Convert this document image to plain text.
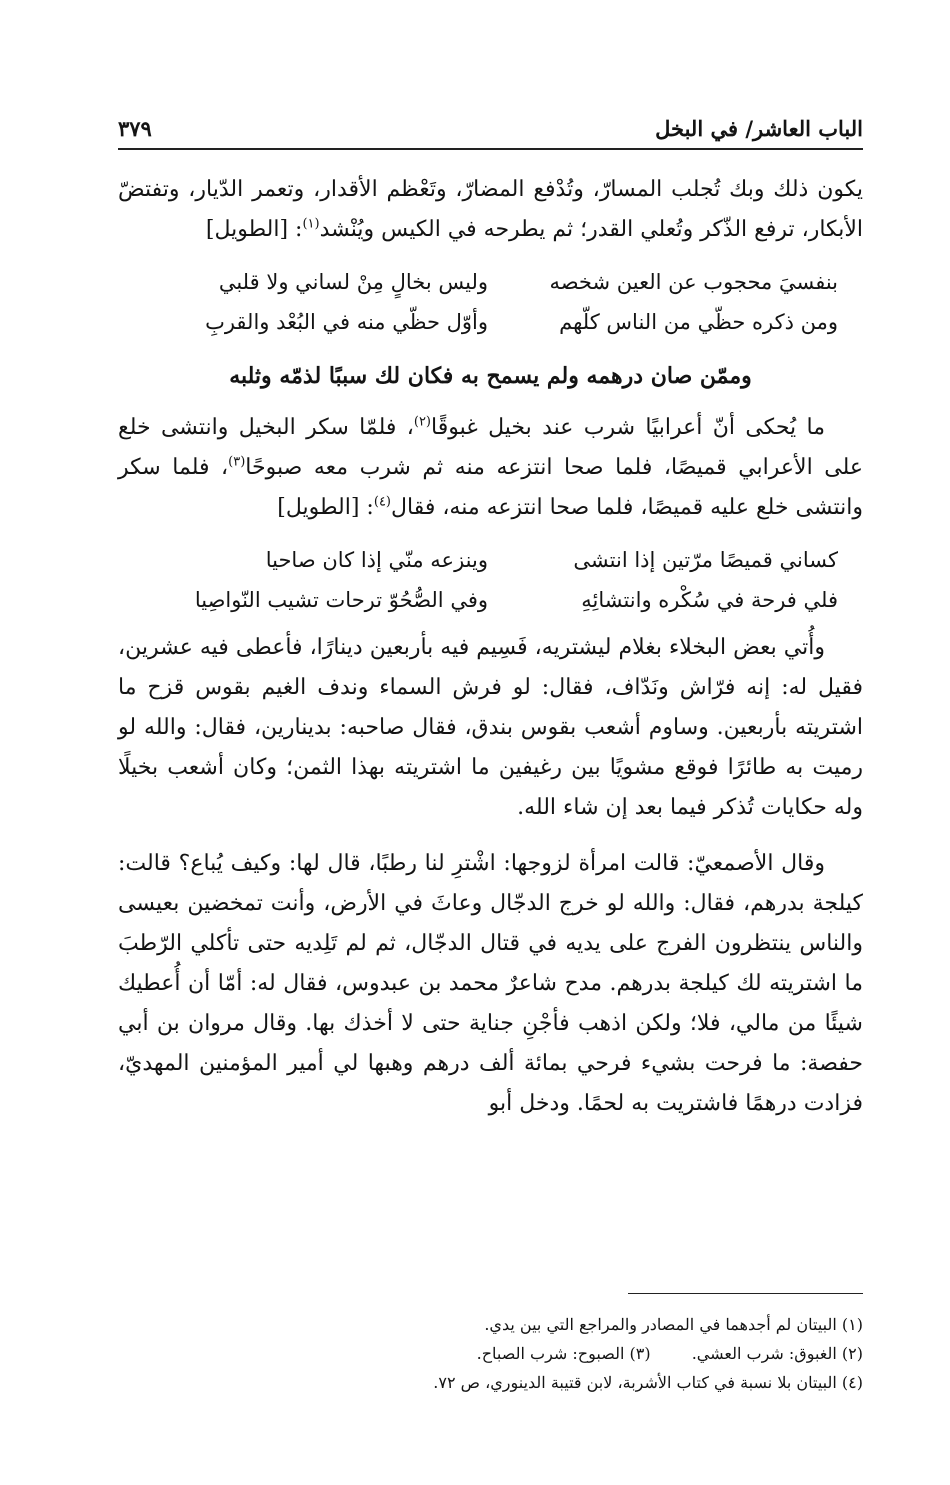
الباب العاشر/ في البخل
٣٧٩

يكون ذلك وبك تُجلب المسارّ، وتُدْفع المضارّ، وتَعْظم الأقدار، وتعمر الدّيار، وتفتضّ الأبكار، ترفع الذّكر وتُعلي القدر؛ ثم يطرحه في الكيس ويُنْشد$^{(١)}$: [الطويل]

بنفسيَ محجوب عن العين شخصه
وليس بخالٍ مِنْ لساني ولا قلبي
ومن ذكره حظّي من الناس كلّهم
وأوّل حظّي منه في البُعْد والقربِ
وممّن صان درهمه ولم يسمح به فكان لك سببًا لذمّه وثلبه

ما يُحكى أنّ أعرابيًا شرب عند بخيل غبوقًا$^{(٢)}$، فلمّا سكر البخيل وانتشى خلع على الأعرابي قميصًا، فلما صحا انتزعه منه ثم شرب معه صبوحًا$^{(٣)}$، فلما سكر وانتشى خلع عليه قميصًا، فلما صحا انتزعه منه، فقال$^{(٤)}$: [الطويل]

كساني قميصًا مرّتين إذا انتشى
وينزعه منّي إذا كان صاحيا
فلي فرحة في سُكْره وانتشائِهِ
وفي الصُّحُوّ ترحات تشيب النّواصِيا

وأُتي بعض البخلاء بغلام ليشتريه، فَسِيم فيه بأربعين دينارًا، فأعطى فيه عشرين، فقيل له: إنه فرّاش ونَدّاف، فقال: لو فرش السماء وندف الغيم بقوس قزح ما اشتريته بأربعين. وساوم أشعب بقوس بندق، فقال صاحبه: بدينارين، فقال: والله لو رميت به طائرًا فوقع مشويًا بين رغيفين ما اشتريته بهذا الثمن؛ وكان أشعب بخيلًا وله حكايات تُذكر فيما بعد إن شاء الله.

وقال الأصمعيّ: قالت امرأة لزوجها: اشْترِ لنا رطبًا، قال لها: وكيف يُباع؟ قالت: كيلجة بدرهم، فقال: والله لو خرج الدجّال وعاثَ في الأرض، وأنت تمخضين بعيسى والناس ينتظرون الفرج على يديه في قتال الدجّال، ثم لم تَلِديه حتى تأكلي الرّطبَ ما اشتريته لك كيلجة بدرهم. مدح شاعرٌ محمد بن عبدوس، فقال له: أمّا أن أُعطيك شيئًا من مالي، فلا؛ ولكن اذهب فأجْنِ جناية حتى لا أخذك بها. وقال مروان بن أبي حفصة: ما فرحت بشيء فرحي بمائة ألف درهم وهبها لي أمير المؤمنين المهديّ، فزادت درهمًا فاشتريت به لحمًا. ودخل أبو

(١) البيتان لم أجدهما في المصادر والمراجع التي بين يدي.
(٢) الغبوق: شرب العشي. (٣) الصبوح: شرب الصباح.
(٤) البيتان بلا نسبة في كتاب الأشربة، لابن قتيبة الدينوري، ص ٧٢.
